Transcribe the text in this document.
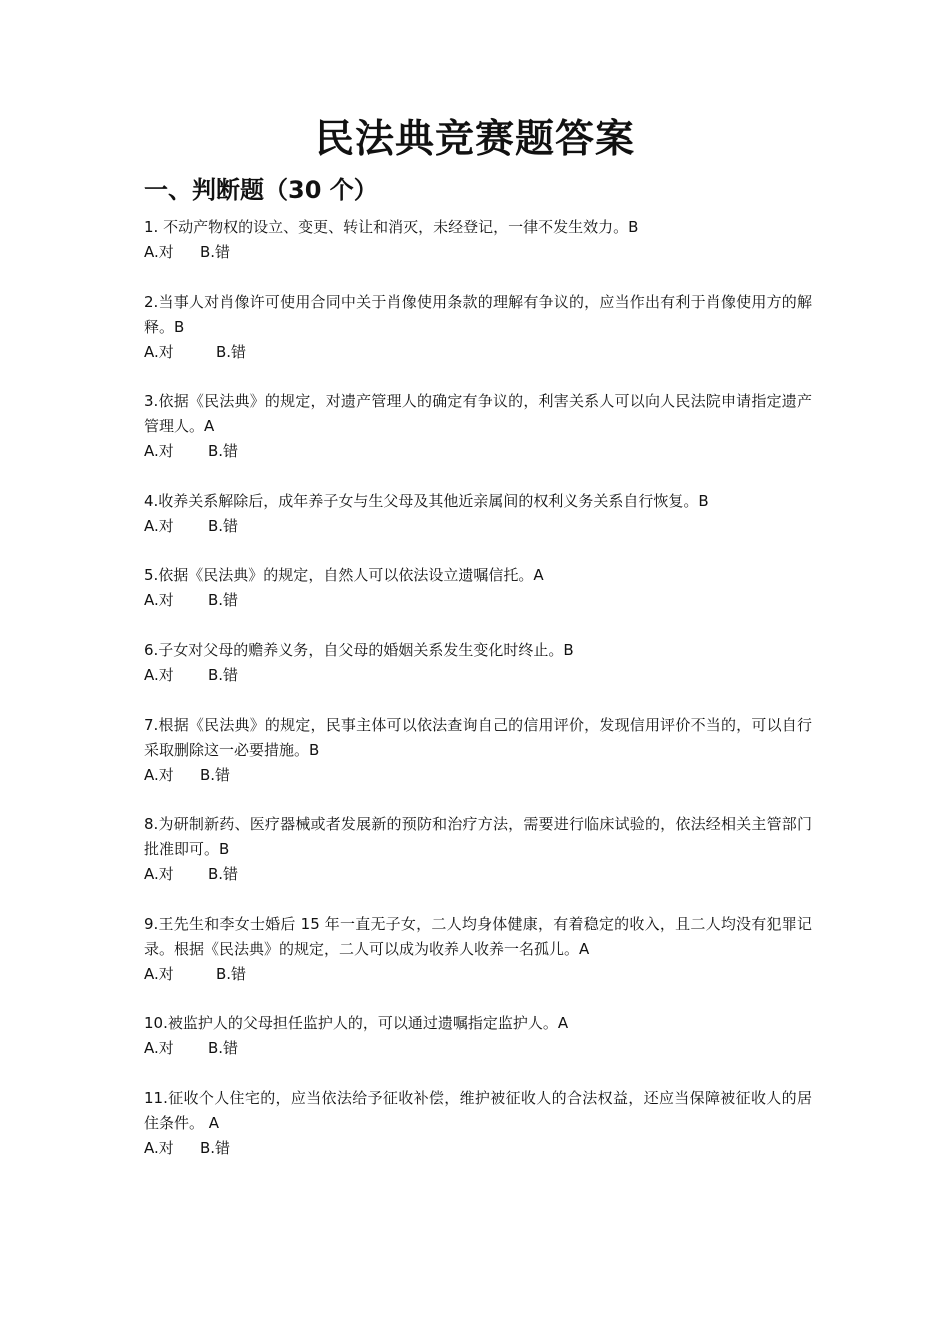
民法典竞赛题答案
一、判断题（30 个）

1. 不动产物权的设立、变更、转让和消灭，未经登记，一律不发生效力。B

A.对 B.错

2.当事人对肖像许可使用合同中关于肖像使用条款的理解有争议的，应当作出有利于肖像使用方的解释。B

A.对	B.错

3.依据《民法典》的规定，对遗产管理人的确定有争议的，利害关系人可以向人民法院申请指定遗产管理人。A

A.对 B.错

4.收养关系解除后，成年养子女与生父母及其他近亲属间的权利义务关系自行恢复。B

A.对 B.错

5.依据《民法典》的规定，自然人可以依法设立遗嘱信托。A

A.对 B.错

6.子女对父母的赡养义务，自父母的婚姻关系发生变化时终止。B

A.对 B.错

7.根据《民法典》的规定，民事主体可以依法查询自己的信用评价，发现信用评价不当的，可以自行采取删除这一必要措施。B

A.对 B.错

8.为研制新药、医疗器械或者发展新的预防和治疗方法，需要进行临床试验的，依法经相关主管部门批准即可。B

A.对 B.错

9.王先生和李女士婚后 15 年一直无子女，二人均身体健康，有着稳定的收入，且二人均没有犯罪记录。根据《民法典》的规定，二人可以成为收养人收养一名孤儿。A

A.对	B.错

10.被监护人的父母担任监护人的，可以通过遗嘱指定监护人。A

A.对 B.错

11.征收个人住宅的，应当依法给予征收补偿，维护被征收人的合法权益，还应当保障被征收人的居住条件。 A

A.对 B.错
